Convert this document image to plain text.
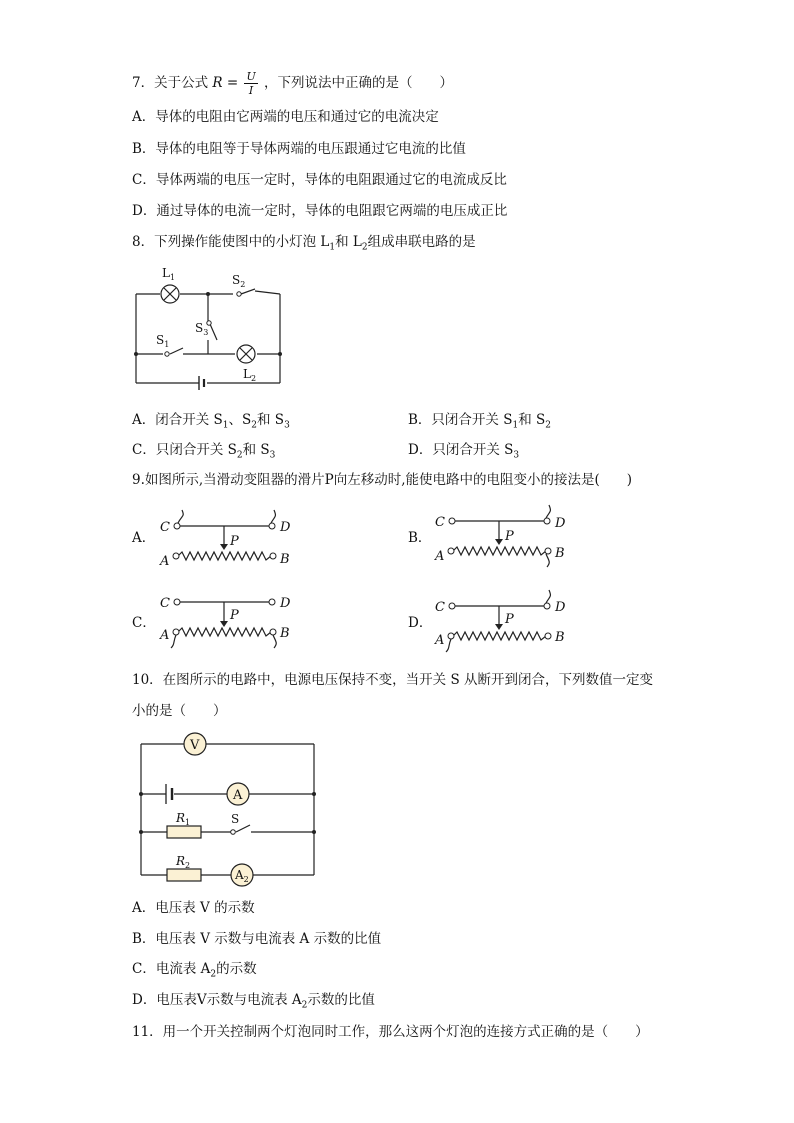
7．关于公式 $R = \frac{U}{I}$ ，下列说法中正确的是（　　）
A．导体的电阻由它两端的电压和通过它的电流决定
B．导体的电阻等于导体两端的电压跟通过它电流的比值
C．导体两端的电压一定时，导体的电阻跟通过它的电流成反比
D．通过导体的电流一定时，导体的电阻跟它两端的电压成正比
8．下列操作能使图中的小灯泡 $L_1$和 $L_2$组成串联电路的是
$L_1$	$S_2$
$S_3$
$S_1$
$L_2$
A．闭合开关 $S_1$、$S_2$和 $S_3$	B．只闭合开关 $S_1$和 $S_2$
C．只闭合开关 $S_2$和 $S_3$	D．只闭合开关 $S_3$
9.如图所示,当滑动变阻器的滑片P向左移动时,能使电路中的电阻变小的接法是(　　)
A．	B．
C．	D．
C	D
A	B
P
C	D
A	B
P
C	D
A	B
P
C	D
A	B
P
10．在图所示的电路中，电源电压保持不变，当开关 S 从断开到闭合，下列数值一定变
小的是（　　）
V
A
$A_2$
$R_1$
$R_2$
S
A．电压表 V 的示数
B．电压表 V 示数与电流表 A 示数的比值
C．电流表 $A_2$的示数
D．电压表V示数与电流表 $A_2$示数的比值
11．用一个开关控制两个灯泡同时工作，那么这两个灯泡的连接方式正确的是（　　）
